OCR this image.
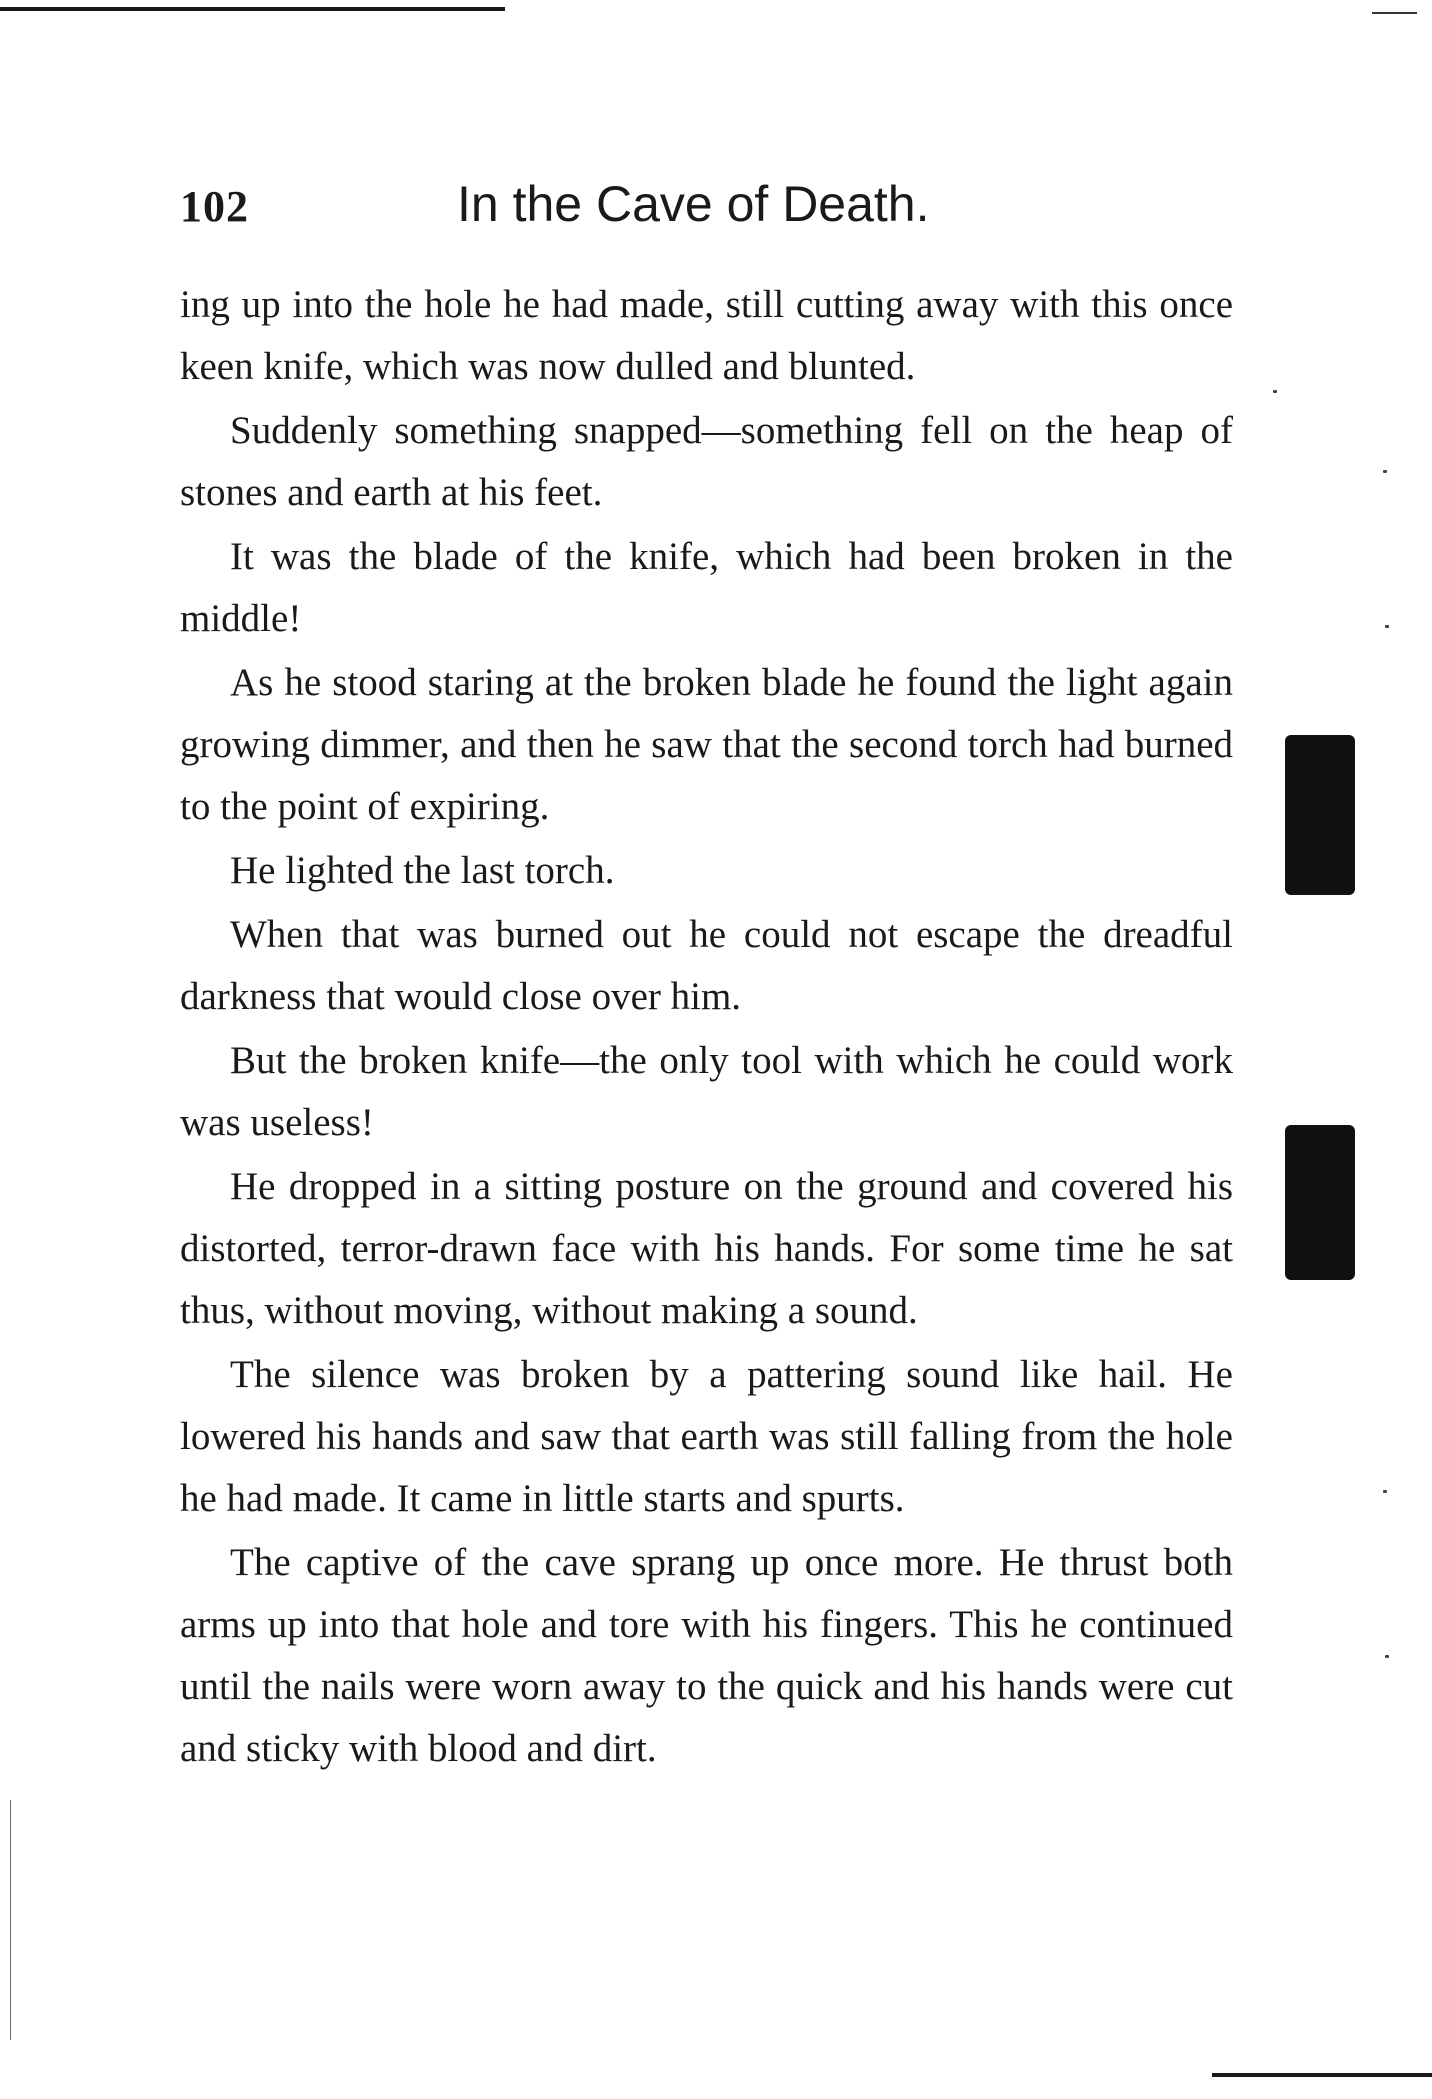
102	In the Cave of Death.

ing up into the hole he had made, still cutting away with this once keen knife, which was now dulled and blunted.

Suddenly something snapped—something fell on the heap of stones and earth at his feet.

It was the blade of the knife, which had been broken in the middle!

As he stood staring at the broken blade he found the light again growing dimmer, and then he saw that the second torch had burned to the point of expiring.

He lighted the last torch.

When that was burned out he could not escape the dreadful darkness that would close over him.

But the broken knife—the only tool with which he could work was useless!

He dropped in a sitting posture on the ground and covered his distorted, terror-drawn face with his hands. For some time he sat thus, without moving, without making a sound.

The silence was broken by a pattering sound like hail. He lowered his hands and saw that earth was still falling from the hole he had made. It came in little starts and spurts.

The captive of the cave sprang up once more. He thrust both arms up into that hole and tore with his fingers. This he continued until the nails were worn away to the quick and his hands were cut and sticky with blood and dirt.
